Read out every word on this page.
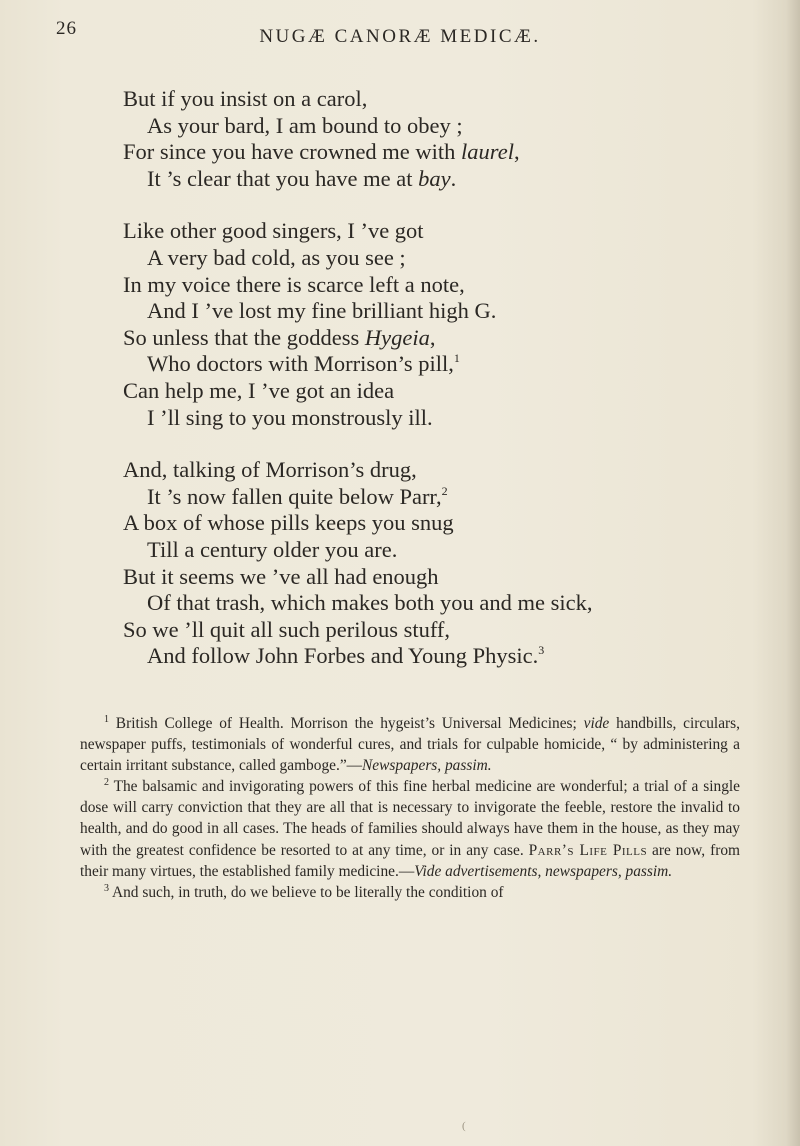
26	NUGÆ CANORÆ MEDICÆ.
But if you insist on a carol,
As your bard, I am bound to obey ;
For since you have crowned me with laurel,
It ’s clear that you have me at bay.
Like other good singers, I ’ve got
A very bad cold, as you see ;
In my voice there is scarce left a note,
And I ’ve lost my fine brilliant high G.
So unless that the goddess Hygeia,
Who doctors with Morrison’s pill,$^1$
Can help me, I ’ve got an idea
I ’ll sing to you monstrously ill.
And, talking of Morrison’s drug,
It ’s now fallen quite below Parr,$^2$
A box of whose pills keeps you snug
Till a century older you are.
But it seems we ’ve all had enough
Of that trash, which makes both you and me sick,
So we ’ll quit all such perilous stuff,
And follow John Forbes and Young Physic.$^3$

$^1$ British College of Health. Morrison the hygeist’s Universal Medicines; vide handbills, circulars, newspaper puffs, testimonials of wonderful cures, and trials for culpable homicide, “ by administering a certain irritant substance, called gamboge.”—Newspapers, passim.

$^2$ The balsamic and invigorating powers of this fine herbal medicine are wonderful; a trial of a single dose will carry conviction that they are all that is necessary to invigorate the feeble, restore the invalid to health, and do good in all cases. The heads of families should always have them in the house, as they may with the greatest confidence be resorted to at any time, or in any case. Parr’s Life Pills are now, from their many virtues, the established family medicine.—Vide advertisements, newspapers, passim.

$^3$ And such, in truth, do we believe to be literally the condition of

(
